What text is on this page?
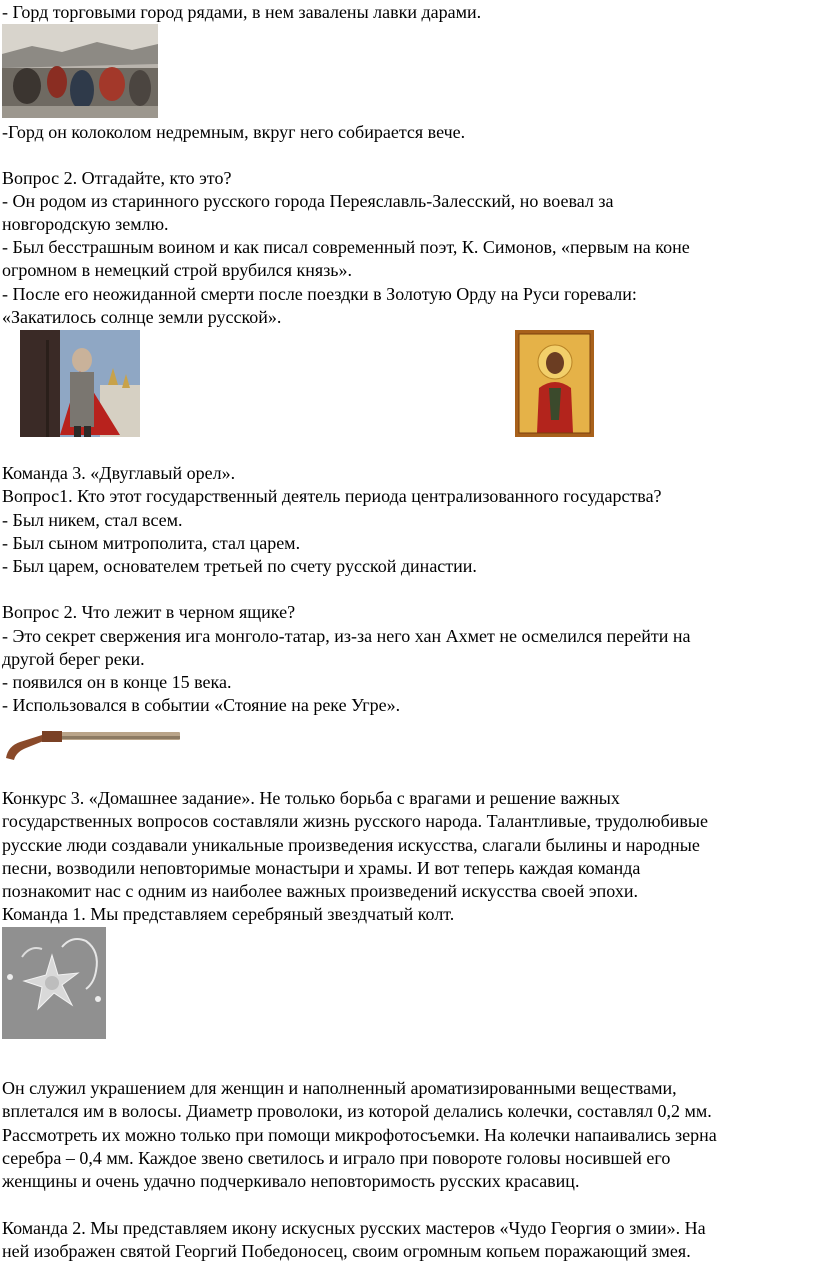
- Горд торговыми город рядами, в нем завалены лавки дарами.
-Горд он колоколом недремным, вкруг него собирается вече.
Вопрос 2. Отгадайте, кто это?
- Он родом из старинного русского города Переяславль-Залесский, но воевал за
новгородскую землю.
- Был бесстрашным воином и как писал современный поэт, К. Симонов, «первым на коне
огромном в немецкий строй врубился князь».
- После его неожиданной смерти после поездки в Золотую Орду на Руси горевали:
«Закатилось солнце земли русской».
Команда 3. «Двуглавый орел».
Вопрос1. Кто этот государственный деятель периода централизованного государства?
- Был никем, стал всем.
- Был сыном митрополита, стал царем.
- Был царем, основателем третьей по счету русской династии.
Вопрос 2. Что лежит в черном ящике?
- Это секрет свержения ига монголо-татар, из-за него хан Ахмет не осмелился перейти на
другой берег реки.
- появился он в конце 15 века.
- Использовался в событии «Стояние на реке Угре».
Конкурс 3. «Домашнее задание». Не только борьба с врагами и решение важных
государственных вопросов составляли жизнь русского народа. Талантливые, трудолюбивые
русские люди создавали уникальные произведения искусства, слагали былины и народные
песни, возводили неповторимые монастыри и храмы. И вот теперь каждая команда
познакомит нас с одним из наиболее важных произведений искусства своей эпохи.
Команда 1. Мы представляем серебряный звездчатый колт.
Он служил украшением для женщин и наполненный ароматизированными веществами,
вплетался им в волосы. Диаметр проволоки, из которой делались колечки, составлял 0,2 мм.
Рассмотреть их можно только при помощи микрофотосъемки. На колечки напаивались зерна
серебра – 0,4 мм. Каждое звено светилось и играло при повороте головы носившей его
женщины и очень удачно подчеркивало неповторимость русских красавиц.
Команда 2. Мы представляем икону искусных русских мастеров «Чудо Георгия о змии». На
ней изображен святой Георгий Победоносец, своим огромным копьем поражающий змея.
